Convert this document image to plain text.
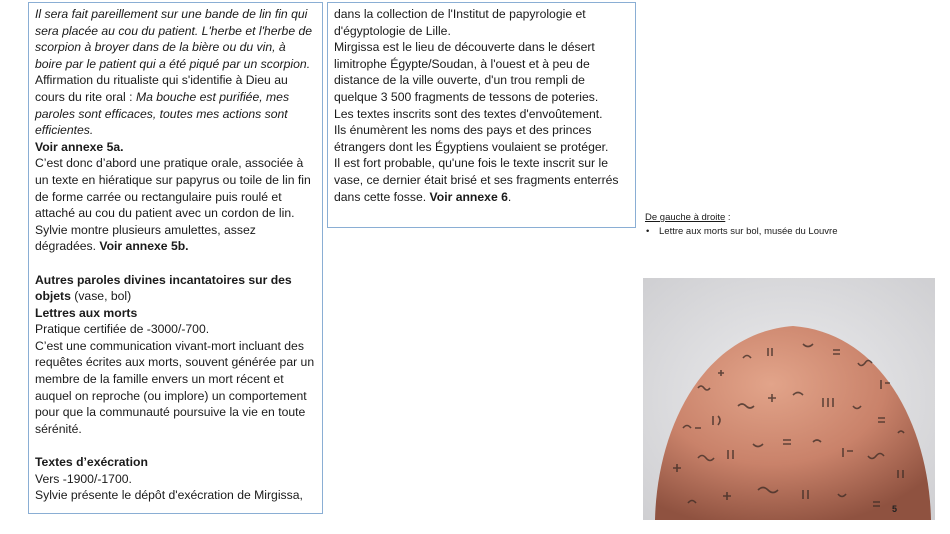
Il sera fait pareillement sur une bande de lin fin qui sera placée au cou du patient. L'herbe et l'herbe de scorpion à broyer dans de la bière ou du vin, à boire par le patient qui a été piqué par un scorpion. Affirmation du ritualiste qui s'identifie à Dieu au cours du rite oral : Ma bouche est purifiée, mes paroles sont efficaces, toutes mes actions sont efficientes.

Voir annexe 5a.

C’est donc d’abord une pratique orale, associée à un texte en hiératique sur papyrus ou toile de lin fin de forme carrée ou rectangulaire puis roulé et attaché au cou du patient avec un cordon de lin. Sylvie montre plusieurs amulettes, assez dégradées. Voir annexe 5b.

Autres paroles divines incantatoires sur des objets (vase, bol)

Lettres aux morts

Pratique certifiée de -3000/-700.

C’est une communication vivant-mort incluant des requêtes écrites aux morts, souvent générée par un membre de la famille envers un mort récent et auquel on reproche (ou implore) un comportement pour que la communauté poursuive la vie en toute sérénité.

Textes d’exécration

Vers -1900/-1700.

Sylvie présente le dépôt d'exécration de Mirgissa,

dans la collection de l'Institut de papyrologie et d'égyptologie de Lille.

Mirgissa est le lieu de découverte dans le désert limitrophe Égypte/Soudan, à l'ouest et à peu de distance de la ville ouverte, d'un trou rempli de quelque 3 500 fragments de tessons de poteries.

Les textes inscrits sont des textes d'envoûtement.

Ils énumèrent les noms des pays et des princes étrangers dont les Égyptiens voulaient se protéger.

Il est fort probable, qu'une fois le texte inscrit sur le vase, ce dernier était brisé et ses fragments enterrés dans cette fosse. Voir annexe 6.

De gauche à droite :
• Lettre aux morts sur bol, musée du Louvre
5
